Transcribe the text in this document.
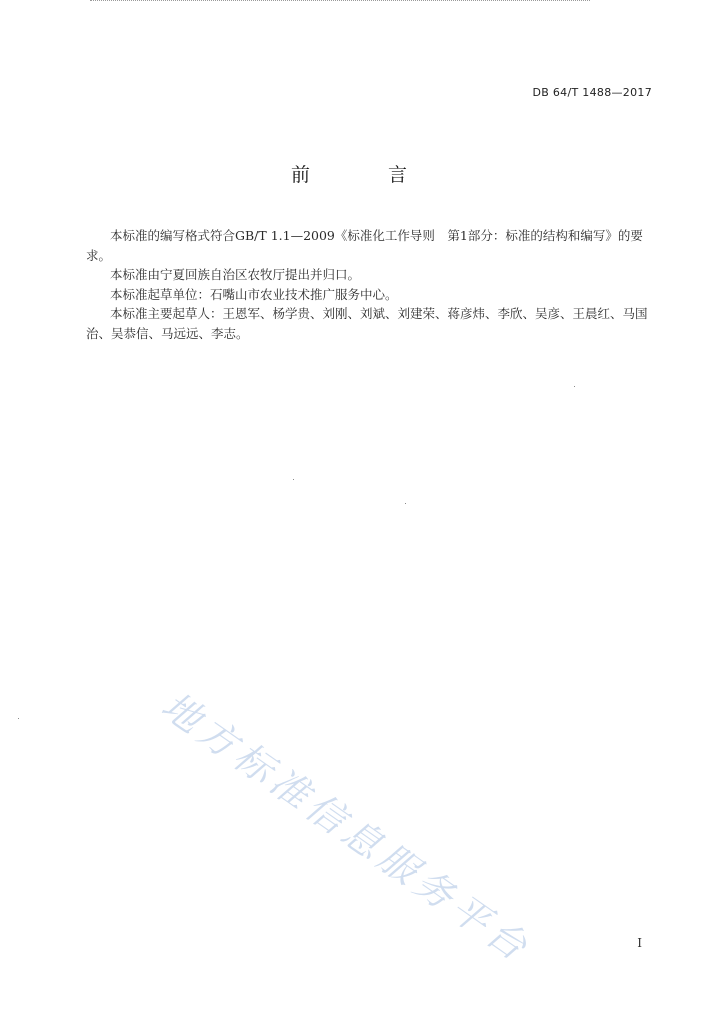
DB 64/T 1488—2017
前 言

本标准的编写格式符合GB/T 1.1—2009《标准化工作导则　第1部分：标准的结构和编写》的要求。

本标准由宁夏回族自治区农牧厅提出并归口。

本标准起草单位：石嘴山市农业技术推广服务中心。

本标准主要起草人：王恩军、杨学贵、刘刚、刘斌、刘建荣、蒋彦炜、李欣、吴彦、王晨红、马国治、吴恭信、马远远、李志。

地方标准信息服务平台	I
